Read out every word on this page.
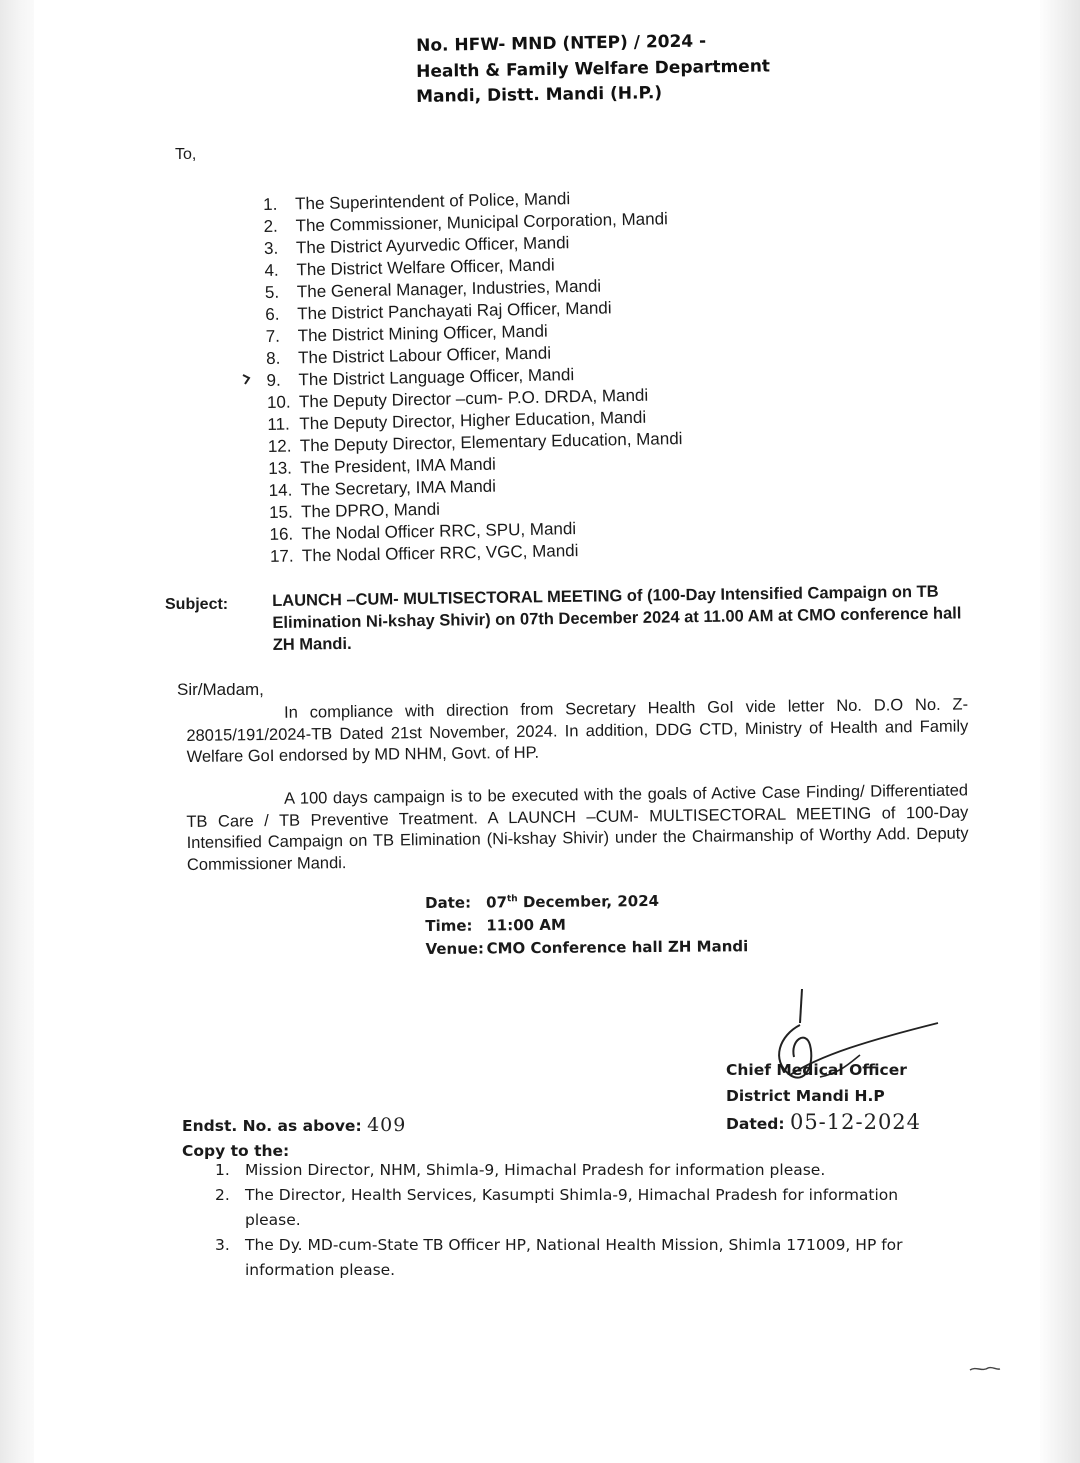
No. HFW- MND (NTEP) / 2024 -
Health & Family Welfare Department
Mandi, Distt. Mandi (H.P.)
To,
1. The Superintendent of Police, Mandi
2. The Commissioner, Municipal Corporation, Mandi
3. The District Ayurvedic Officer, Mandi
4. The District Welfare Officer, Mandi
5. The General Manager, Industries, Mandi
6. The District Panchayati Raj Officer, Mandi
7. The District Mining Officer, Mandi
8. The District Labour Officer, Mandi
9. The District Language Officer, Mandi
10. The Deputy Director –cum- P.O. DRDA, Mandi
11. The Deputy Director, Higher Education, Mandi
12. The Deputy Director, Elementary Education, Mandi
13. The President, IMA Mandi
14. The Secretary, IMA Mandi
15. The DPRO, Mandi
16. The Nodal Officer RRC, SPU, Mandi
17. The Nodal Officer RRC, VGC, Mandi
Subject:	LAUNCH –CUM- MULTISECTORAL MEETING of (100-Day Intensified Campaign on TB Elimination Ni-kshay Shivir) on 07th December 2024 at 11.00 AM at CMO conference hall ZH Mandi.
Sir/Madam,
In compliance with direction from Secretary Health GoI vide letter No. D.O No. Z-28015/191/2024-TB Dated 21st November, 2024. In addition, DDG CTD, Ministry of Health and Family Welfare GoI endorsed by MD NHM, Govt. of HP.
A 100 days campaign is to be executed with the goals of Active Case Finding/ Differentiated TB Care / TB Preventive Treatment. A LAUNCH –CUM- MULTISECTORAL MEETING of 100-Day Intensified Campaign on TB Elimination (Ni-kshay Shivir) under the Chairmanship of Worthy Add. Deputy Commissioner Mandi.
Date: 07th December, 2024
Time: 11:00 AM
Venue: CMO Conference hall ZH Mandi
Chief Medical Officer
District Mandi H.P
Dated: 05-12-2024
Endst. No. as above: 409
Copy to the:
1. Mission Director, NHM, Shimla-9, Himachal Pradesh for information please.
2. The Director, Health Services, Kasumpti Shimla-9, Himachal Pradesh for information please.
3. The Dy. MD-cum-State TB Officer HP, National Health Mission, Shimla 171009, HP for information please.
